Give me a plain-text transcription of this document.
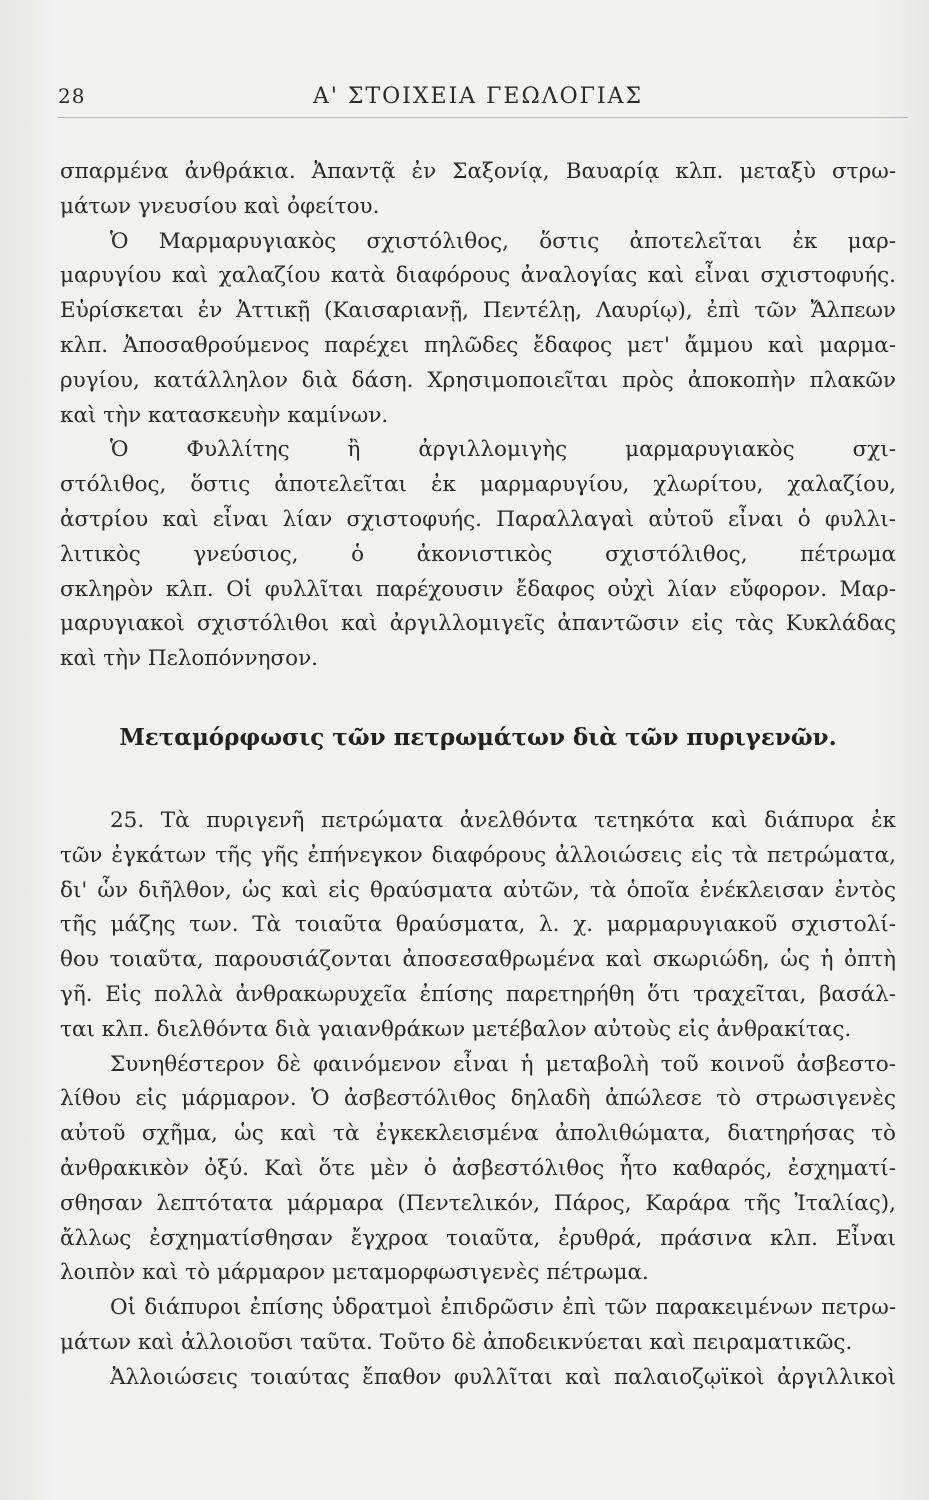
28	Α' ΣΤΟΙΧΕΙΑ ΓΕΩΛΟΓΙΑΣ
σπαρμένα ἀνθράκια. Ἀπαντᾷ ἐν Σαξονίᾳ, Βαυαρίᾳ κλπ. μεταξὺ στρω-
μάτων γνευσίου καὶ ὀφείτου.
Ὁ Μαρμαρυγιακὸς σχιστόλιθος, ὅστις ἀποτελεῖται ἐκ μαρ-
μαρυγίου καὶ χαλαζίου κατὰ διαφόρους ἀναλογίας καὶ εἶναι σχιστοφυής.
Εὑρίσκεται ἐν Ἀττικῇ (Καισαριανῇ, Πεντέλῃ, Λαυρίῳ), ἐπὶ τῶν Ἄλπεων
κλπ. Ἀποσαθρούμενος παρέχει πηλῶδες ἔδαφος μετ' ἄμμου καὶ μαρμα-
ρυγίου, κατάλληλον διὰ δάση. Χρησιμοποιεῖται πρὸς ἀποκοπὴν πλακῶν
καὶ τὴν κατασκευὴν καμίνων.
Ὁ Φυλλίτης ἢ ἀργιλλομιγὴς μαρμαρυγιακὸς σχι-
στόλιθος, ὅστις ἀποτελεῖται ἐκ μαρμαρυγίου, χλωρίτου, χαλαζίου,
ἀστρίου καὶ εἶναι λίαν σχιστοφυής. Παραλλαγαὶ αὐτοῦ εἶναι ὁ φυλλι-
λιτικὸς γνεύσιος, ὁ ἀκονιστικὸς σχιστόλιθος, πέτρωμα
σκληρὸν κλπ. Οἱ φυλλῖται παρέχουσιν ἔδαφος οὐχὶ λίαν εὔφορον. Μαρ-
μαρυγιακοὶ σχιστόλιθοι καὶ ἀργιλλομιγεῖς ἀπαντῶσιν εἰς τὰς Κυκλάδας
καὶ τὴν Πελοπόννησον.
Μεταμόρφωσις τῶν πετρωμάτων διὰ τῶν πυριγενῶν.
25. Τὰ πυριγενῆ πετρώματα ἀνελθόντα τετηκότα καὶ διάπυρα ἐκ
τῶν ἐγκάτων τῆς γῆς ἐπήνεγκον διαφόρους ἀλλοιώσεις εἰς τὰ πετρώματα,
δι' ὧν διῆλθον, ὡς καὶ εἰς θραύσματα αὐτῶν, τὰ ὁποῖα ἐνέκλεισαν ἐντὸς
τῆς μάζης των. Τὰ τοιαῦτα θραύσματα, λ. χ. μαρμαρυγιακοῦ σχιστολί-
θου τοιαῦτα, παρουσιάζονται ἀποσεσαθρωμένα καὶ σκωριώδη, ὡς ἡ ὀπτὴ
γῆ. Εἰς πολλὰ ἀνθρακωρυχεῖα ἐπίσης παρετηρήθη ὅτι τραχεῖται, βασάλ-
ται κλπ. διελθόντα διὰ γαιανθράκων μετέβαλον αὐτοὺς εἰς ἀνθρακίτας.
Συνηθέστερον δὲ φαινόμενον εἶναι ἡ μεταβολὴ τοῦ κοινοῦ ἀσβεστο-
λίθου εἰς μάρμαρον. Ὁ ἀσβεστόλιθος δηλαδὴ ἀπώλεσε τὸ στρωσιγενὲς
αὐτοῦ σχῆμα, ὡς καὶ τὰ ἐγκεκλεισμένα ἀπολιθώματα, διατηρήσας τὸ
ἀνθρακικὸν ὀξύ. Καὶ ὅτε μὲν ὁ ἀσβεστόλιθος ἦτο καθαρός, ἐσχηματί-
σθησαν λεπτότατα μάρμαρα (Πεντελικόν, Πάρος, Καράρα τῆς Ἰταλίας),
ἄλλως ἐσχηματίσθησαν ἔγχροα τοιαῦτα, ἐρυθρά, πράσινα κλπ. Εἶναι
λοιπὸν καὶ τὸ μάρμαρον μεταμορφωσιγενὲς πέτρωμα.
Οἱ διάπυροι ἐπίσης ὑδρατμοὶ ἐπιδρῶσιν ἐπὶ τῶν παρακειμένων πετρω-
μάτων καὶ ἀλλοιοῦσι ταῦτα. Τοῦτο δὲ ἀποδεικνύεται καὶ πειραματικῶς.
Ἀλλοιώσεις τοιαύτας ἔπαθον φυλλῖται καὶ παλαιοζῳϊκοὶ ἀργιλλικοὶ
